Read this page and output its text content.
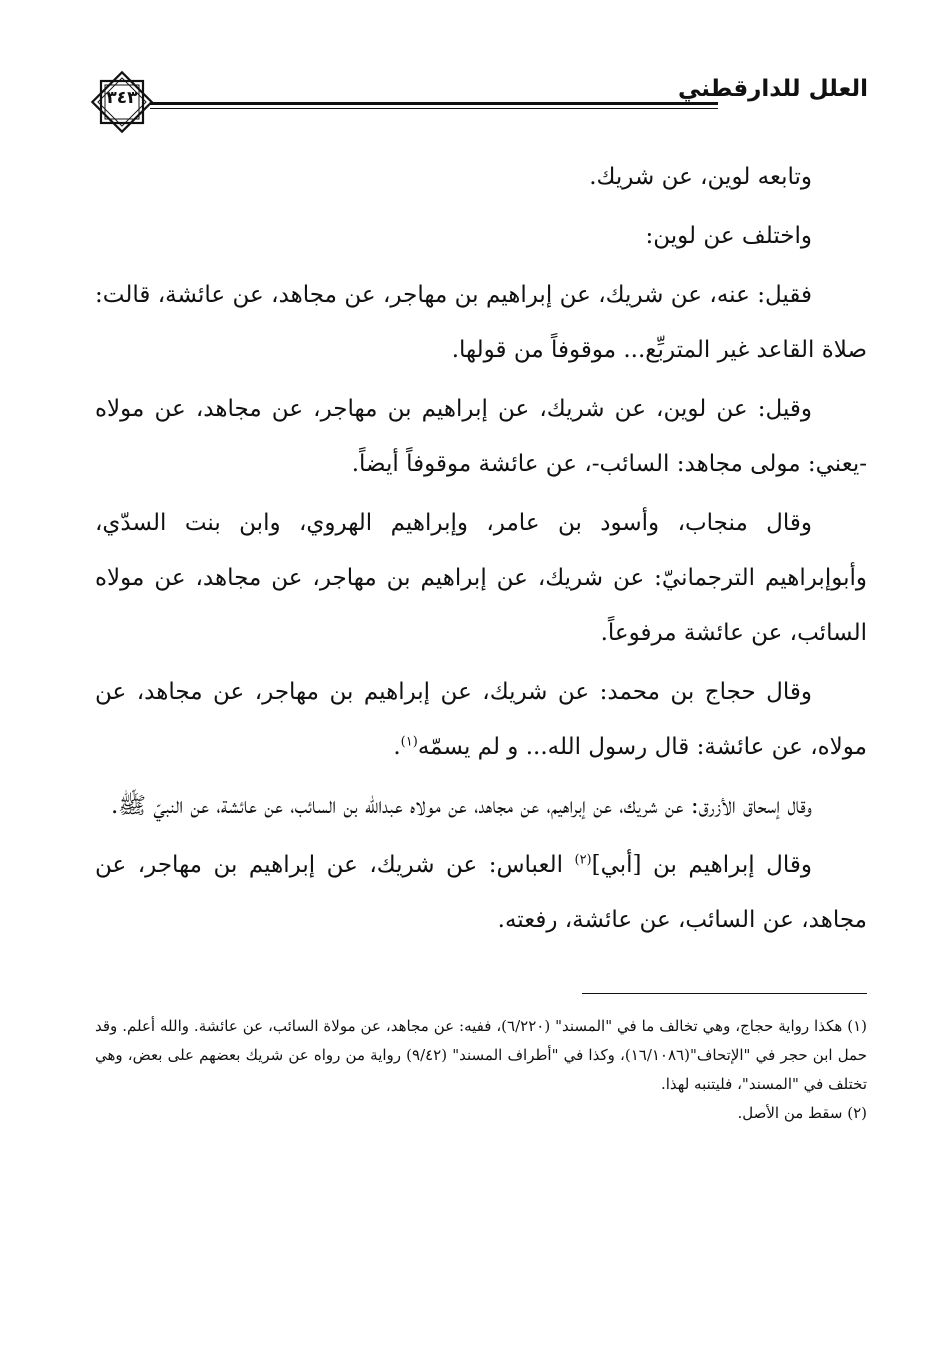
العلل للدارقطني
٣٤٣

وتابعه لوين، عن شريك.

واختلف عن لوين:

فقيل: عنه، عن شريك، عن إبراهيم بن مهاجر، عن مجاهد، عن عائشة، قالت: صلاة القاعد غير المتربِّع... موقوفاً من قولها.

وقيل: عن لوين، عن شريك، عن إبراهيم بن مهاجر، عن مجاهد، عن مولاه -يعني: مولى مجاهد: السائب-، عن عائشة موقوفاً أيضاً.

وقال منجاب، وأسود بن عامر، وإبراهيم الهروي، وابن بنت السدّي، وأبوإبراهيم الترجمانيّ: عن شريك، عن إبراهيم بن مهاجر، عن مجاهد، عن مولاه السائب، عن عائشة مرفوعاً.

وقال حجاج بن محمد: عن شريك، عن إبراهيم بن مهاجر، عن مجاهد، عن مولاه، عن عائشة: قال رسول الله... و لم يسمّه$^{(١)}$.

وقال إسحاق الأزرق: عن شريك، عن إبراهيم، عن مجاهد، عن مولاه عبدالله بن السائب، عن عائشة، عن النبيّ ﷺ.

وقال إبراهيم بن [أبي]$^{(٢)}$ العباس: عن شريك، عن إبراهيم بن مهاجر، عن مجاهد، عن السائب، عن عائشة، رفعته.

(١) هكذا رواية حجاج، وهي تخالف ما في "المسند" (٦/٢٢٠)، ففيه: عن مجاهد، عن مولاة السائب، عن عائشة. والله أعلم. وقد حمل ابن حجر في "الإتحاف"(١٦/١٠٨٦)، وكذا في "أطراف المسند" (٩/٤٢) رواية من رواه عن شريك بعضهم على بعض، وهي تختلف في "المسند"، فليتنبه لهذا.

(٢) سقط من الأصل.
